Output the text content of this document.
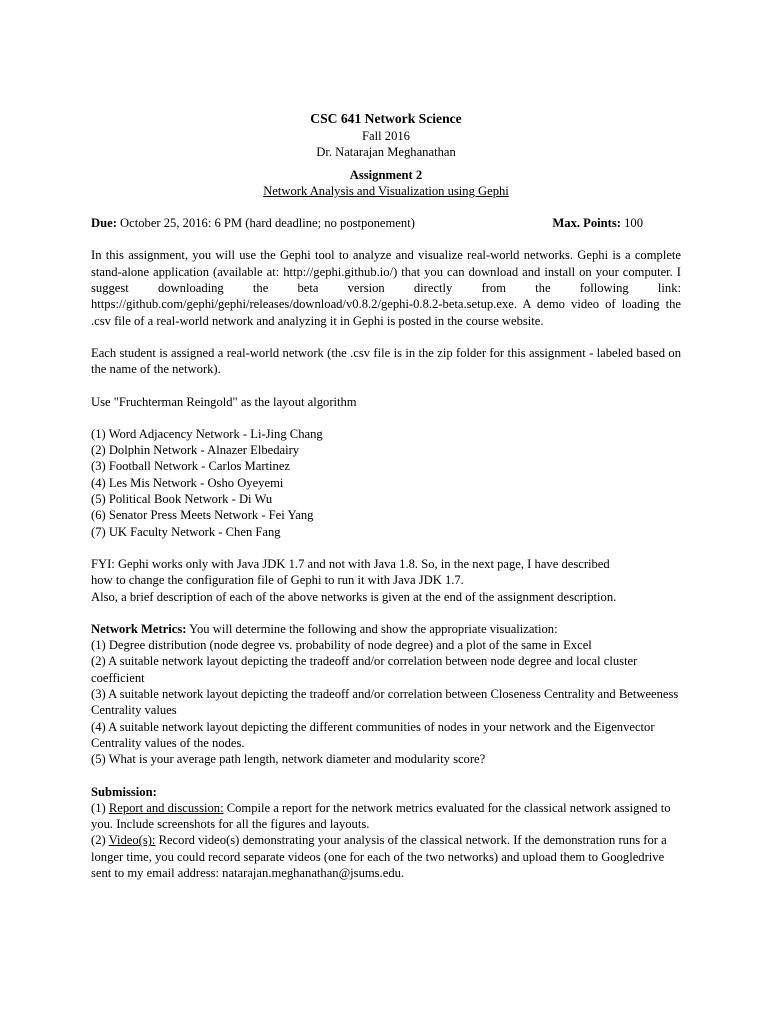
CSC 641 Network Science
Fall 2016
Dr. Natarajan Meghanathan
Assignment 2
Network Analysis and Visualization using Gephi
Due: October 25, 2016: 6 PM (hard deadline; no postponement)	Max. Points: 100

In this assignment, you will use the Gephi tool to analyze and visualize real-world networks. Gephi is a complete stand-alone application (available at: http://gephi.github.io/) that you can download and install on your computer. I suggest downloading the beta version directly from the following link: https://github.com/gephi/gephi/releases/download/v0.8.2/gephi-0.8.2-beta.setup.exe. A demo video of loading the .csv file of a real-world network and analyzing it in Gephi is posted in the course website.

Each student is assigned a real-world network (the .csv file is in the zip folder for this assignment - labeled based on the name of the network).

Use "Fruchterman Reingold" as the layout algorithm

(1) Word Adjacency Network - Li-Jing Chang
(2) Dolphin Network - Alnazer Elbedairy
(3) Football Network - Carlos Martinez
(4) Les Mis Network - Osho Oyeyemi
(5) Political Book Network - Di Wu
(6) Senator Press Meets Network - Fei Yang
(7) UK Faculty Network - Chen Fang
FYI: Gephi works only with Java JDK 1.7 and not with Java 1.8. So, in the next page, I have described
how to change the configuration file of Gephi to run it with Java JDK 1.7.
Also, a brief description of each of the above networks is given at the end of the assignment description.
Network Metrics: You will determine the following and show the appropriate visualization:
(1) Degree distribution (node degree vs. probability of node degree) and a plot of the same in Excel
(2) A suitable network layout depicting the tradeoff and/or correlation between node degree and local cluster coefficient
(3) A suitable network layout depicting the tradeoff and/or correlation between Closeness Centrality and Betweeness Centrality values
(4) A suitable network layout depicting the different communities of nodes in your network and the Eigenvector Centrality values of the nodes.
(5) What is your average path length, network diameter and modularity score?
Submission:
(1) Report and discussion: Compile a report for the network metrics evaluated for the classical network assigned to you. Include screenshots for all the figures and layouts.
(2) Video(s): Record video(s) demonstrating your analysis of the classical network. If the demonstration runs for a longer time, you could record separate videos (one for each of the two networks) and upload them to Googledrive sent to my email address: natarajan.meghanathan@jsums.edu.
